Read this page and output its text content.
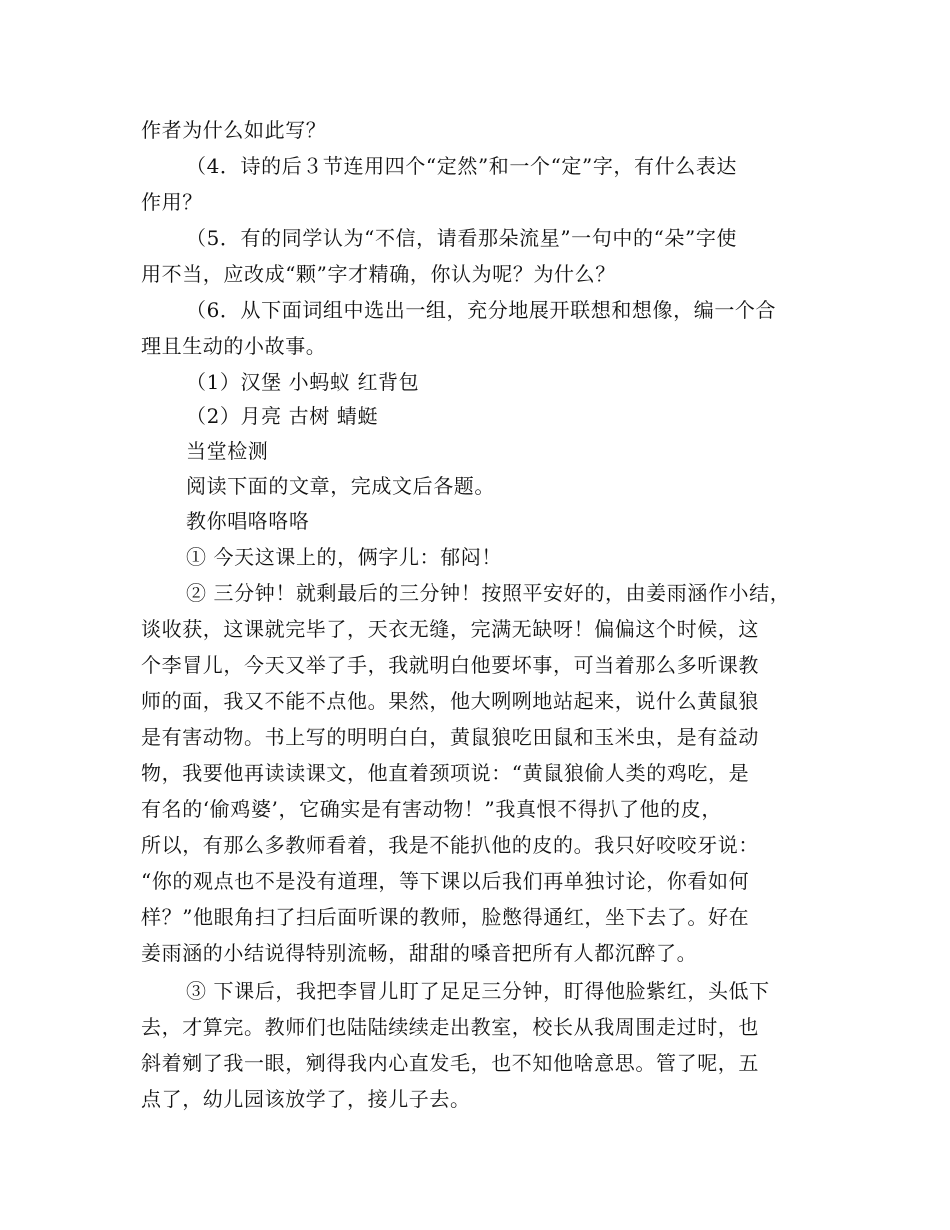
作者为什么如此写？
（4．诗的后３节连用四个“定然”和一个“定”字，有什么表达
作用？
（5．有的同学认为“不信，请看那朵流星”一句中的“朵”字使
用不当，应改成“颗”字才精确，你认为呢？为什么？
（6．从下面词组中选出一组，充分地展开联想和想像，编一个合
理且生动的小故事。
（1）汉堡 小蚂蚁 红背包
（2）月亮 古树 蜻蜓
当堂检测
阅读下面的文章，完成文后各题。
教你唱咯咯咯
① 今天这课上的，俩字儿：郁闷！
② 三分钟！就剩最后的三分钟！按照平安好的，由姜雨涵作小结，
谈收获，这课就完毕了，天衣无缝，完满无缺呀！偏偏这个时候，这
个李冒儿，今天又举了手，我就明白他要坏事，可当着那么多听课教
师的面，我又不能不点他。果然，他大咧咧地站起来，说什么黄鼠狼
是有害动物。书上写的明明白白，黄鼠狼吃田鼠和玉米虫，是有益动
物，我要他再读读课文，他直着颈项说：“黄鼠狼偷人类的鸡吃，是
有名的‘偷鸡婆’，它确实是有害动物！”我真恨不得扒了他的皮，
所以，有那么多教师看着，我是不能扒他的皮的。我只好咬咬牙说：
“你的观点也不是没有道理，等下课以后我们再单独讨论，你看如何
样？”他眼角扫了扫后面听课的教师，脸憋得通红，坐下去了。好在
姜雨涵的小结说得特别流畅，甜甜的嗓音把所有人都沉醉了。
③ 下课后，我把李冒儿盯了足足三分钟，盯得他脸紫红，头低下
去，才算完。教师们也陆陆续续走出教室，校长从我周围走过时，也
斜着剜了我一眼，剜得我内心直发毛，也不知他啥意思。管了呢，五
点了，幼儿园该放学了，接儿子去。
